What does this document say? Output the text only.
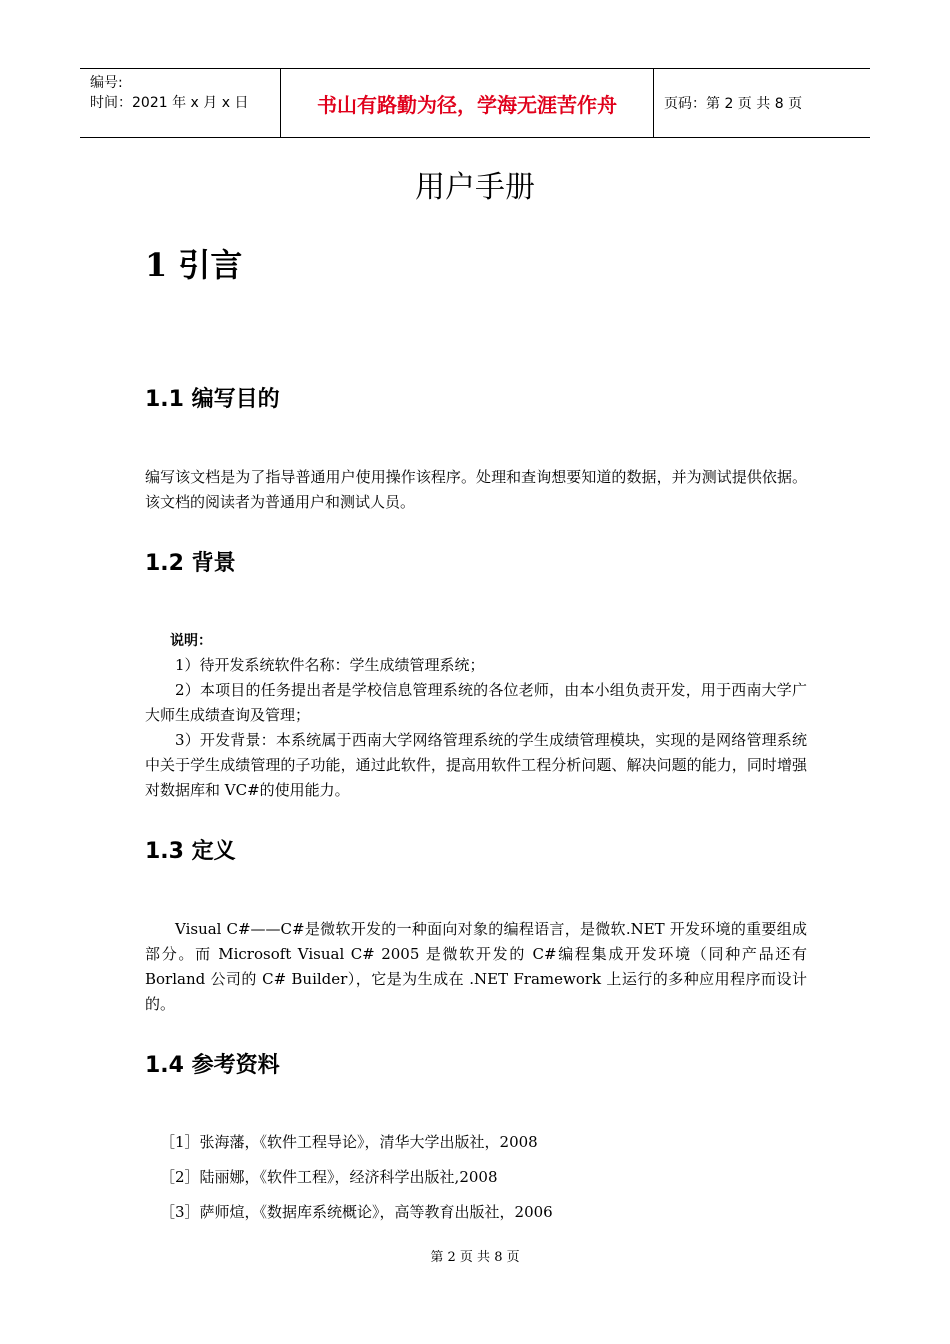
编号:
时间：2021 年 x 月 x 日	书山有路勤为径，学海无涯苦作舟	页码：第 2 页 共 8 页
用户手册
1 引言
1.1 编写目的

编写该文档是为了指导普通用户使用操作该程序。处理和查询想要知道的数据，并为测试提供依据。该文档的阅读者为普通用户和测试人员。

1.2 背景
说明：

1）待开发系统软件名称：学生成绩管理系统；

2）本项目的任务提出者是学校信息管理系统的各位老师，由本小组负责开发，用于西南大学广大师生成绩查询及管理；

3）开发背景：本系统属于西南大学网络管理系统的学生成绩管理模块，实现的是网络管理系统中关于学生成绩管理的子功能，通过此软件，提高用软件工程分析问题、解决问题的能力，同时增强对数据库和 VC#的使用能力。

1.3 定义

Visual C#——C#是微软开发的一种面向对象的编程语言，是微软.NET 开发环境的重要组成部分。而 Microsoft Visual C# 2005 是微软开发的 C#编程集成开发环境（同种产品还有 Borland 公司的 C# Builder），它是为生成在 .NET Framework 上运行的多种应用程序而设计的。

1.4 参考资料
［1］张海藩，《软件工程导论》，清华大学出版社，2008
［2］陆丽娜，《软件工程》，经济科学出版社,2008
［3］萨师煊，《数据库系统概论》，高等教育出版社，2006
第 2 页 共 8 页
